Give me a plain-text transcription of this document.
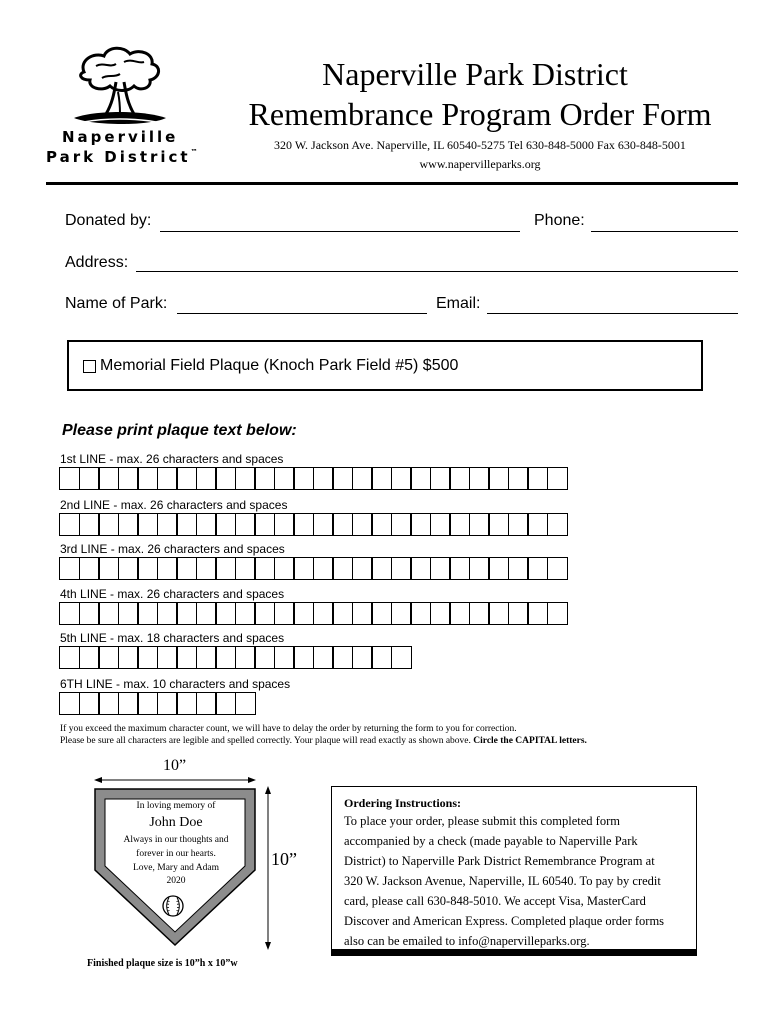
Naperville
Park District™
Naperville Park District
Remembrance Program Order Form
320 W. Jackson Ave. Naperville, IL 60540-5275 Tel 630-848-5000 Fax 630-848-5001
www.napervilleparks.org
Donated by:	Phone:
Address:
Name of Park:	Email:
Memorial Field Plaque (Knoch Park Field #5) $500
Please print plaque text below:
1st LINE - max. 26 characters and spaces
2nd LINE - max. 26 characters and spaces
3rd LINE - max. 26 characters and spaces
4th LINE - max. 26 characters and spaces
5th LINE - max. 18 characters and spaces
6TH LINE - max. 10 characters and spaces
If you exceed the maximum character count, we will have to delay the order by returning the form to you for correction.
Please be sure all characters are legible and spelled correctly. Your plaque will read exactly as shown above. Circle the CAPITAL letters.
10”
In loving memory of
John Doe
Always in our thoughts and
forever in our hearts.
Love, Mary and Adam
2020
10”
Finished plaque size is 10”h x 10”w
Ordering Instructions:
To place your order, please submit this completed form
accompanied by a check (made payable to Naperville Park
District) to Naperville Park District Remembrance Program at
320 W. Jackson Avenue, Naperville, IL 60540. To pay by credit
card, please call 630-848-5010. We accept Visa, MasterCard
Discover and American Express. Completed plaque order forms
also can be emailed to info@napervilleparks.org.
